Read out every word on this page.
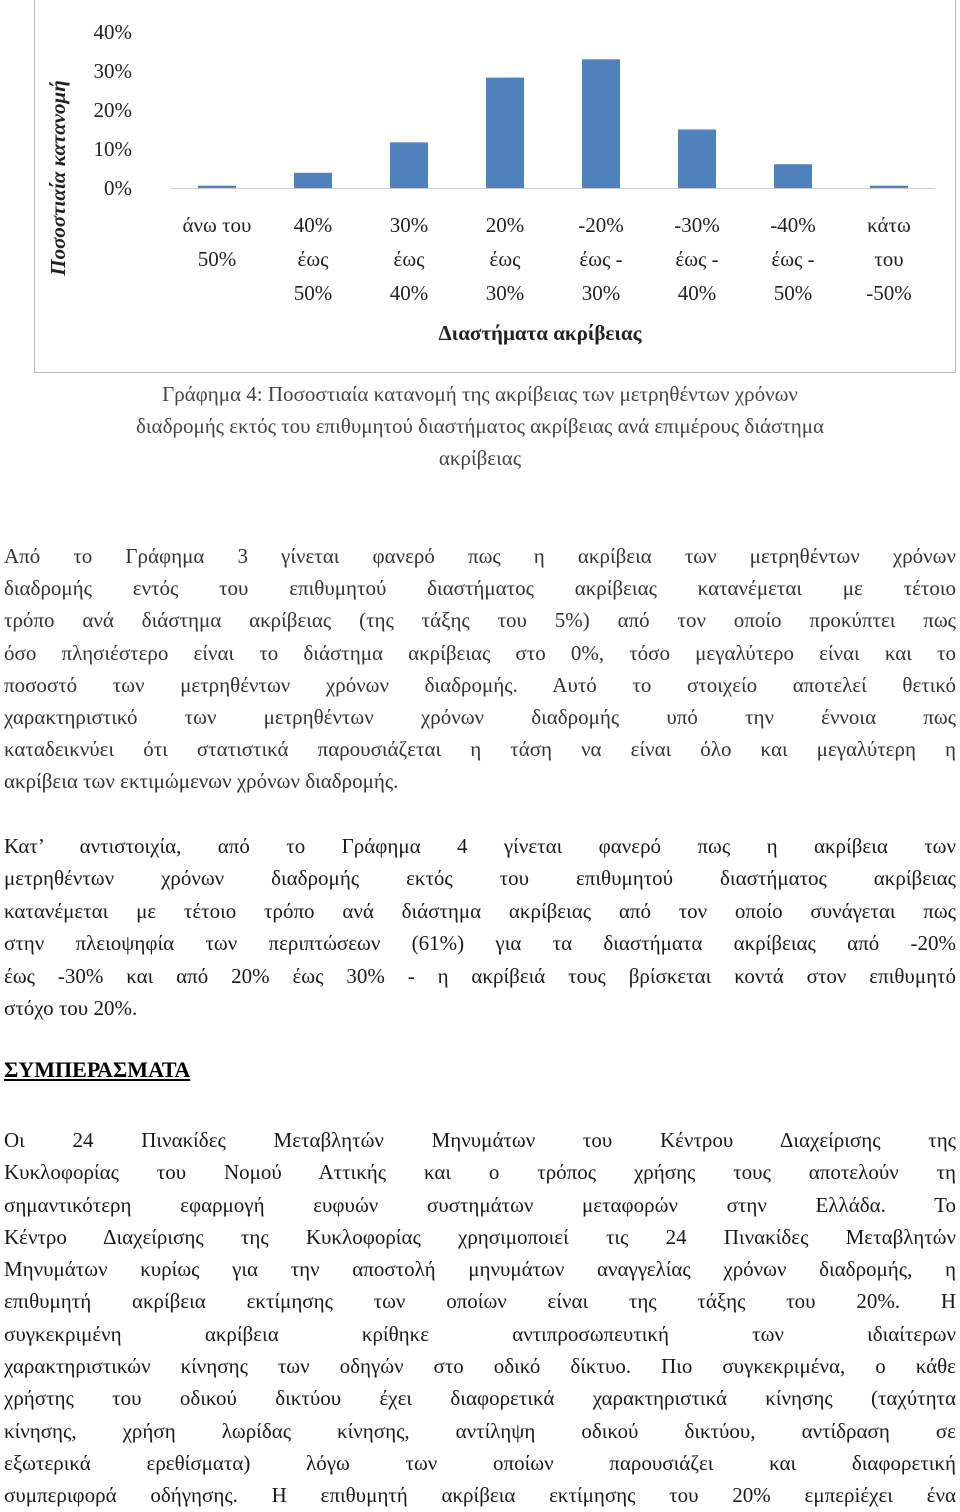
Ποσοστιαία κατανομή
Διαστήματα ακρίβειας
40%
30%
20%
10%
0%
άνω του 50%
40% έως 50%
30% έως 40%
20% έως 30%
-20% έως -30%
-30% έως -40%
-40% έως -50%
κάτω του -50%
Γράφημα 4: Ποσοστιαία κατανομή της ακρίβειας των μετρηθέντων χρόνων
διαδρομής εκτός του επιθυμητού διαστήματος ακρίβειας ανά επιμέρους διάστημα
ακρίβειας

Από το Γράφημα 3 γίνεται φανερό πως η ακρίβεια των μετρηθέντων χρόνων
διαδρομής εντός του επιθυμητού διαστήματος ακρίβειας κατανέμεται με τέτοιο
τρόπο ανά διάστημα ακρίβειας (της τάξης του 5%) από τον οποίο προκύπτει πως
όσο πλησιέστερο είναι το διάστημα ακρίβειας στο 0%, τόσο μεγαλύτερο είναι και το
ποσοστό των μετρηθέντων χρόνων διαδρομής. Αυτό το στοιχείο αποτελεί θετικό
χαρακτηριστικό των μετρηθέντων χρόνων διαδρομής υπό την έννοια πως
καταδεικνύει ότι στατιστικά παρουσιάζεται η τάση να είναι όλο και μεγαλύτερη η
ακρίβεια των εκτιμώμενων χρόνων διαδρομής.

Κατ’ αντιστοιχία, από το Γράφημα 4 γίνεται φανερό πως η ακρίβεια των
μετρηθέντων χρόνων διαδρομής εκτός του επιθυμητού διαστήματος ακρίβειας
κατανέμεται με τέτοιο τρόπο ανά διάστημα ακρίβειας από τον οποίο συνάγεται πως
στην πλειοψηφία των περιπτώσεων (61%) για τα διαστήματα ακρίβειας από -20%
έως -30% και από 20% έως 30% - η ακρίβειά τους βρίσκεται κοντά στον επιθυμητό
στόχο του 20%.

ΣΥΜΠΕΡΑΣΜΑΤΑ

Οι 24 Πινακίδες Μεταβλητών Μηνυμάτων του Κέντρου Διαχείρισης της
Κυκλοφορίας του Νομού Αττικής και ο τρόπος χρήσης τους αποτελούν τη
σημαντικότερη εφαρμογή ευφυών συστημάτων μεταφορών στην Ελλάδα. Το
Κέντρο Διαχείρισης της Κυκλοφορίας χρησιμοποιεί τις 24 Πινακίδες Μεταβλητών
Μηνυμάτων κυρίως για την αποστολή μηνυμάτων αναγγελίας χρόνων διαδρομής, η
επιθυμητή ακρίβεια εκτίμησης των οποίων είναι της τάξης του 20%. Η
συγκεκριμένη ακρίβεια κρίθηκε αντιπροσωπευτική των ιδιαίτερων
χαρακτηριστικών κίνησης των οδηγών στο οδικό δίκτυο. Πιο συγκεκριμένα, ο κάθε
χρήστης του οδικού δικτύου έχει διαφορετικά χαρακτηριστικά κίνησης (ταχύτητα
κίνησης, χρήση λωρίδας κίνησης, αντίληψη οδικού δικτύου, αντίδραση σε
εξωτερικά ερεθίσματα) λόγω των οποίων παρουσιάζει και διαφορετική
συμπεριφορά οδήγησης. Η επιθυμητή ακρίβεια εκτίμησης του 20% εμπερiέχει ένα
